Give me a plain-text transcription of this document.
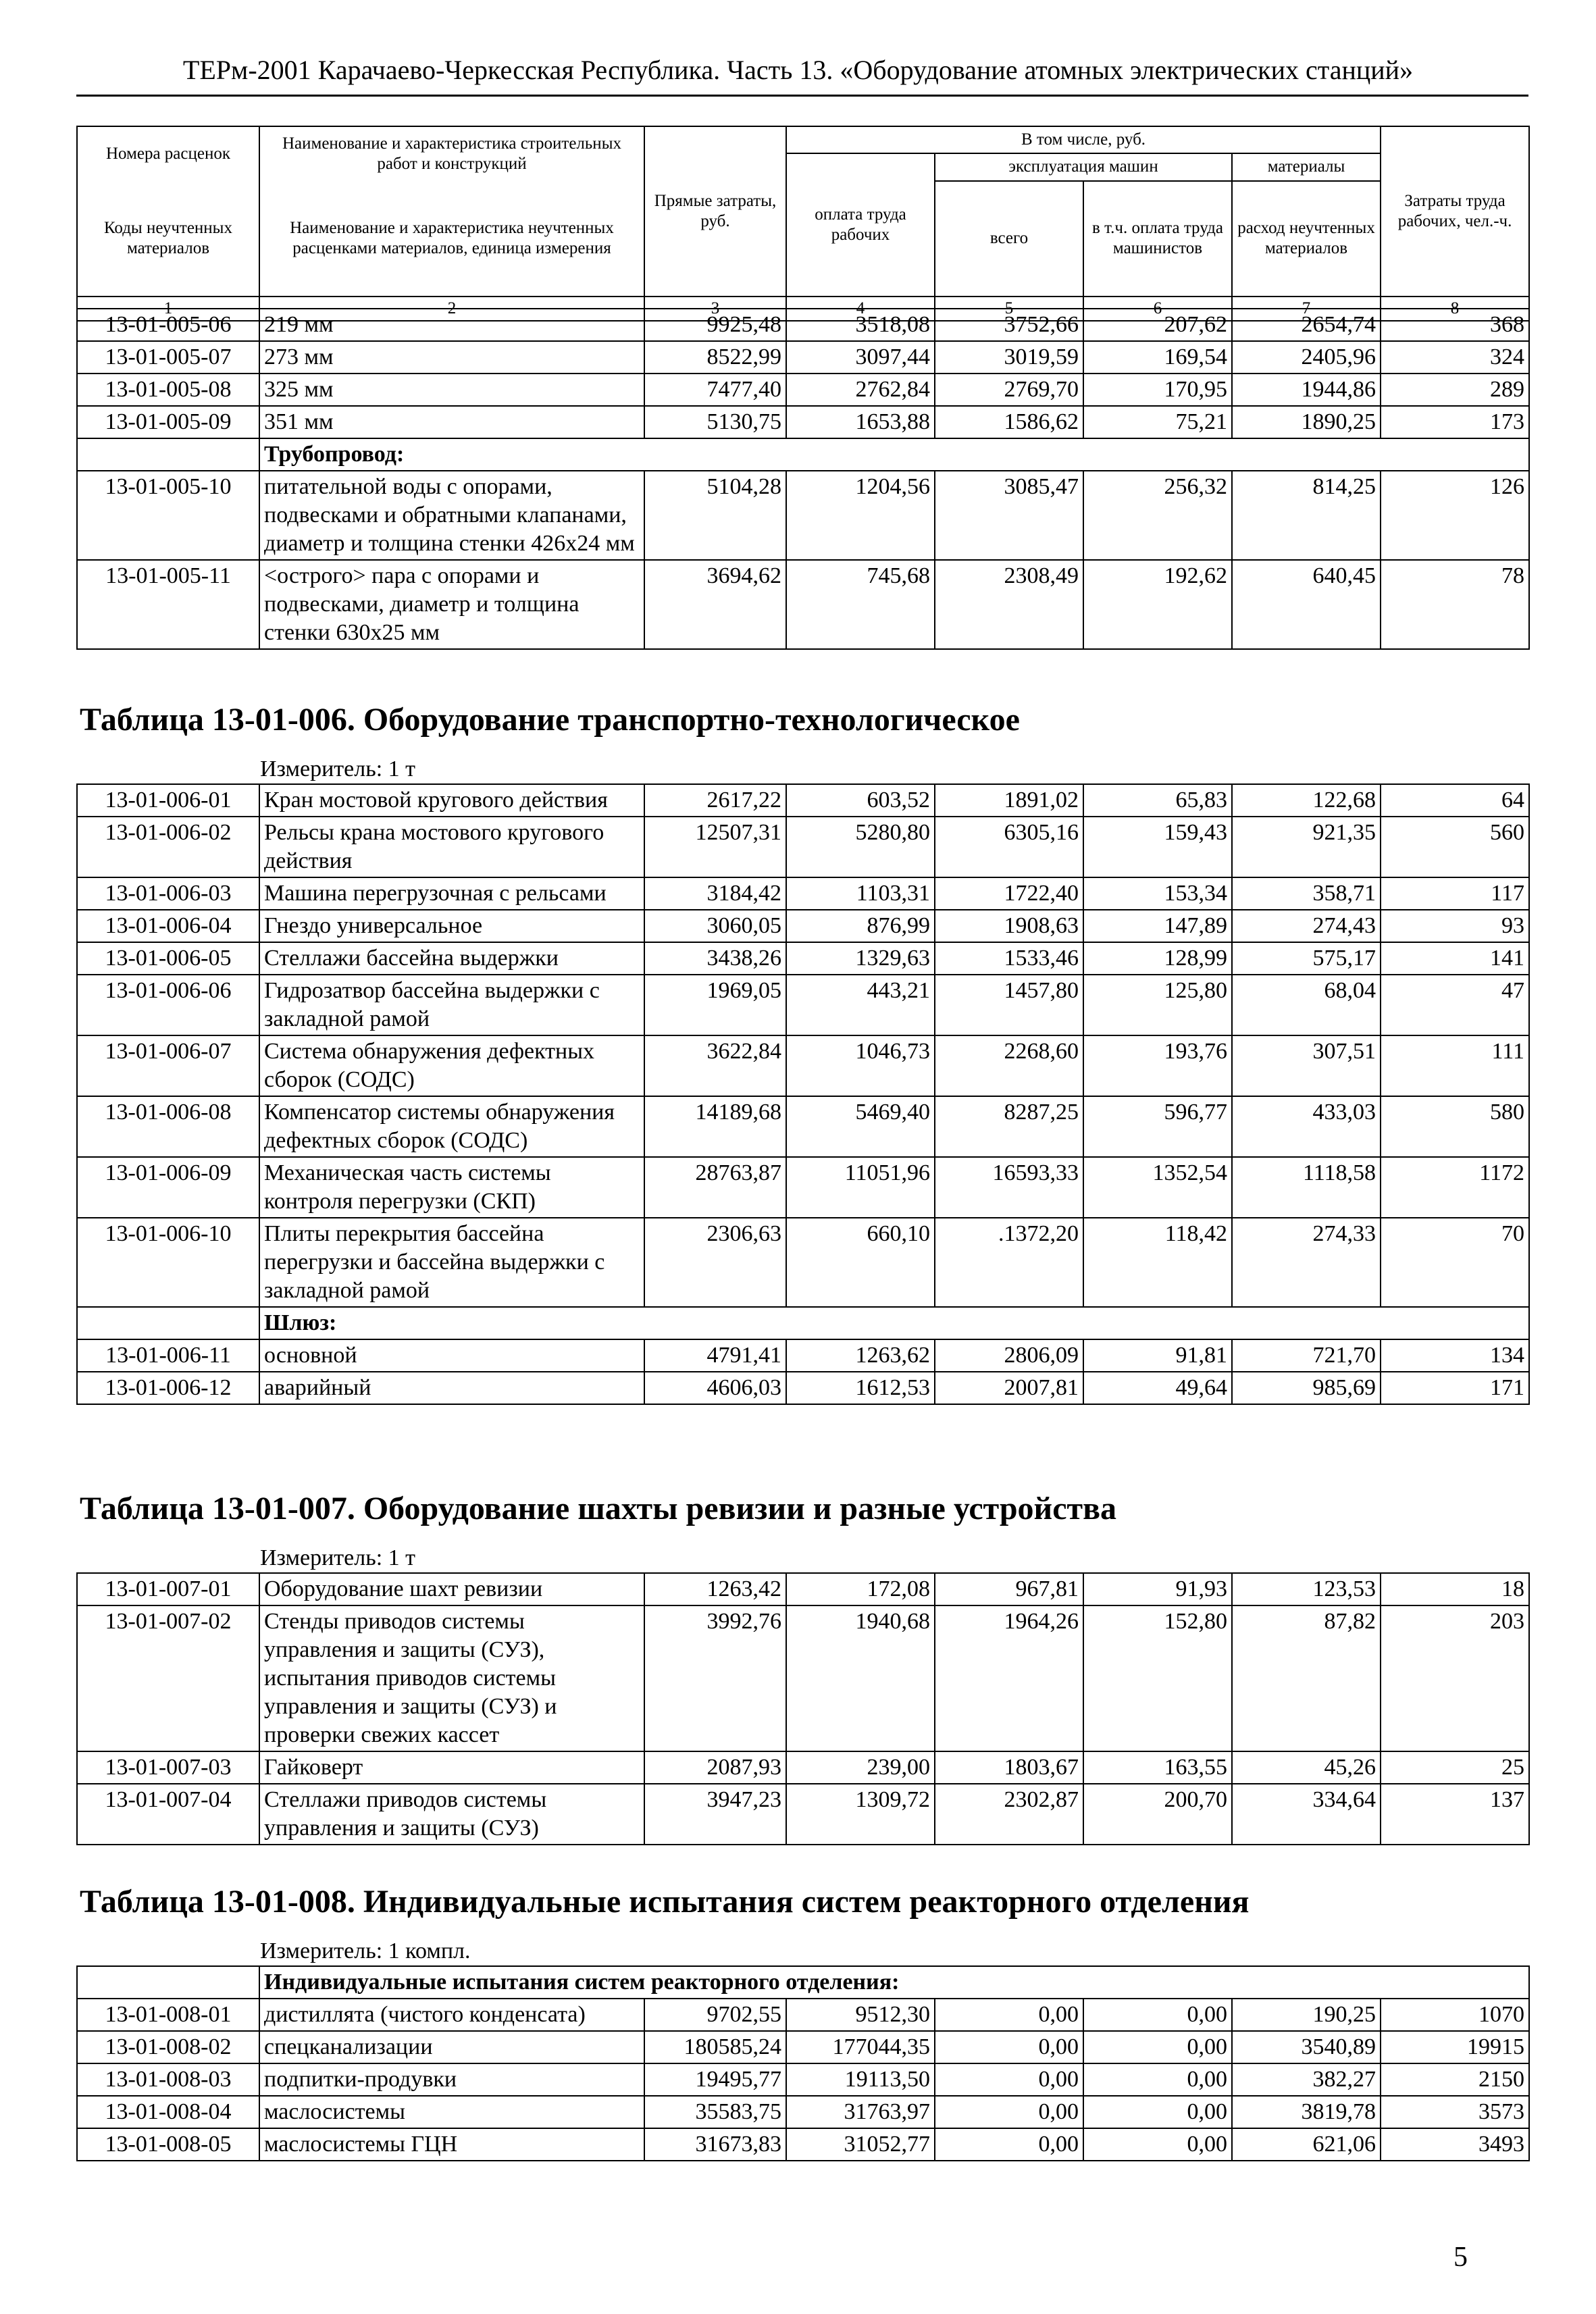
ТЕРм-2001 Карачаево-Черкесская Республика. Часть 13. «Оборудование атомных электрических станций»
Номера расценок	Наименование и характеристика строительных работ и конструкций	Прямые затраты, руб.	В том числе, руб.				Затраты труда рабочих, чел.-ч.
			оплата труда рабочих	эксплуатация машин		материалы	
Коды неучтенных материалов	Наименование и характеристика неучтенных расценками материалов, единица измерения			всего	в т.ч. оплата труда машинистов	расход неучтенных материалов	
1	2	3	4	5	6	7	8
13-01-005-06	219 мм	9925,48	3518,08	3752,66	207,62	2654,74	368
13-01-005-07	273 мм	8522,99	3097,44	3019,59	169,54	2405,96	324
13-01-005-08	325 мм	7477,40	2762,84	2769,70	170,95	1944,86	289
13-01-005-09	351 мм	5130,75	1653,88	1586,62	75,21	1890,25	173
	Трубопровод:						
13-01-005-10	питательной воды с опорами, подвесками и обратными клапанами, диаметр и толщина стенки 426х24 мм	5104,28	1204,56	3085,47	256,32	814,25	126
13-01-005-11	<острого> пара с опорами и подвесками, диаметр и толщина стенки 630х25 мм	3694,62	745,68	2308,49	192,62	640,45	78
Таблица 13-01-006. Оборудование транспортно-технологическое
Измеритель: 1 т
13-01-006-01	Кран мостовой кругового действия	2617,22	603,52	1891,02	65,83	122,68	64
13-01-006-02	Рельсы крана мостового кругового действия	12507,31	5280,80	6305,16	159,43	921,35	560
13-01-006-03	Машина перегрузочная с рельсами	3184,42	1103,31	1722,40	153,34	358,71	117
13-01-006-04	Гнездо универсальное	3060,05	876,99	1908,63	147,89	274,43	93
13-01-006-05	Стеллажи бассейна выдержки	3438,26	1329,63	1533,46	128,99	575,17	141
13-01-006-06	Гидрозатвор бассейна выдержки с закладной рамой	1969,05	443,21	1457,80	125,80	68,04	47
13-01-006-07	Система обнаружения дефектных сборок (СОДС)	3622,84	1046,73	2268,60	193,76	307,51	111
13-01-006-08	Компенсатор системы обнаружения дефектных сборок (СОДС)	14189,68	5469,40	8287,25	596,77	433,03	580
13-01-006-09	Механическая часть системы контроля перегрузки (СКП)	28763,87	11051,96	16593,33	1352,54	1118,58	1172
13-01-006-10	Плиты перекрытия бассейна перегрузки и бассейна выдержки с закладной рамой	2306,63	660,10	.1372,20	118,42	274,33	70
	Шлюз:						
13-01-006-11	основной	4791,41	1263,62	2806,09	91,81	721,70	134
13-01-006-12	аварийный	4606,03	1612,53	2007,81	49,64	985,69	171
Таблица 13-01-007. Оборудование шахты ревизии и разные устройства
Измеритель: 1 т
13-01-007-01	Оборудование шахт ревизии	1263,42	172,08	967,81	91,93	123,53	18
13-01-007-02	Стенды приводов системы управления и защиты (СУЗ), испытания приводов системы управления и защиты (СУЗ) и проверки свежих кассет	3992,76	1940,68	1964,26	152,80	87,82	203
13-01-007-03	Гайковерт	2087,93	239,00	1803,67	163,55	45,26	25
13-01-007-04	Стеллажи приводов системы управления и защиты (СУЗ)	3947,23	1309,72	2302,87	200,70	334,64	137
Таблица 13-01-008. Индивидуальные испытания систем реакторного отделения
Измеритель: 1 компл.
	Индивидуальные испытания систем реакторного отделения:						
13-01-008-01	дистиллята (чистого конденсата)	9702,55	9512,30	0,00	0,00	190,25	1070
13-01-008-02	спецканализации	180585,24	177044,35	0,00	0,00	3540,89	19915
13-01-008-03	подпитки-продувки	19495,77	19113,50	0,00	0,00	382,27	2150
13-01-008-04	маслосистемы	35583,75	31763,97	0,00	0,00	3819,78	3573
13-01-008-05	маслосистемы ГЦН	31673,83	31052,77	0,00	0,00	621,06	3493
5
